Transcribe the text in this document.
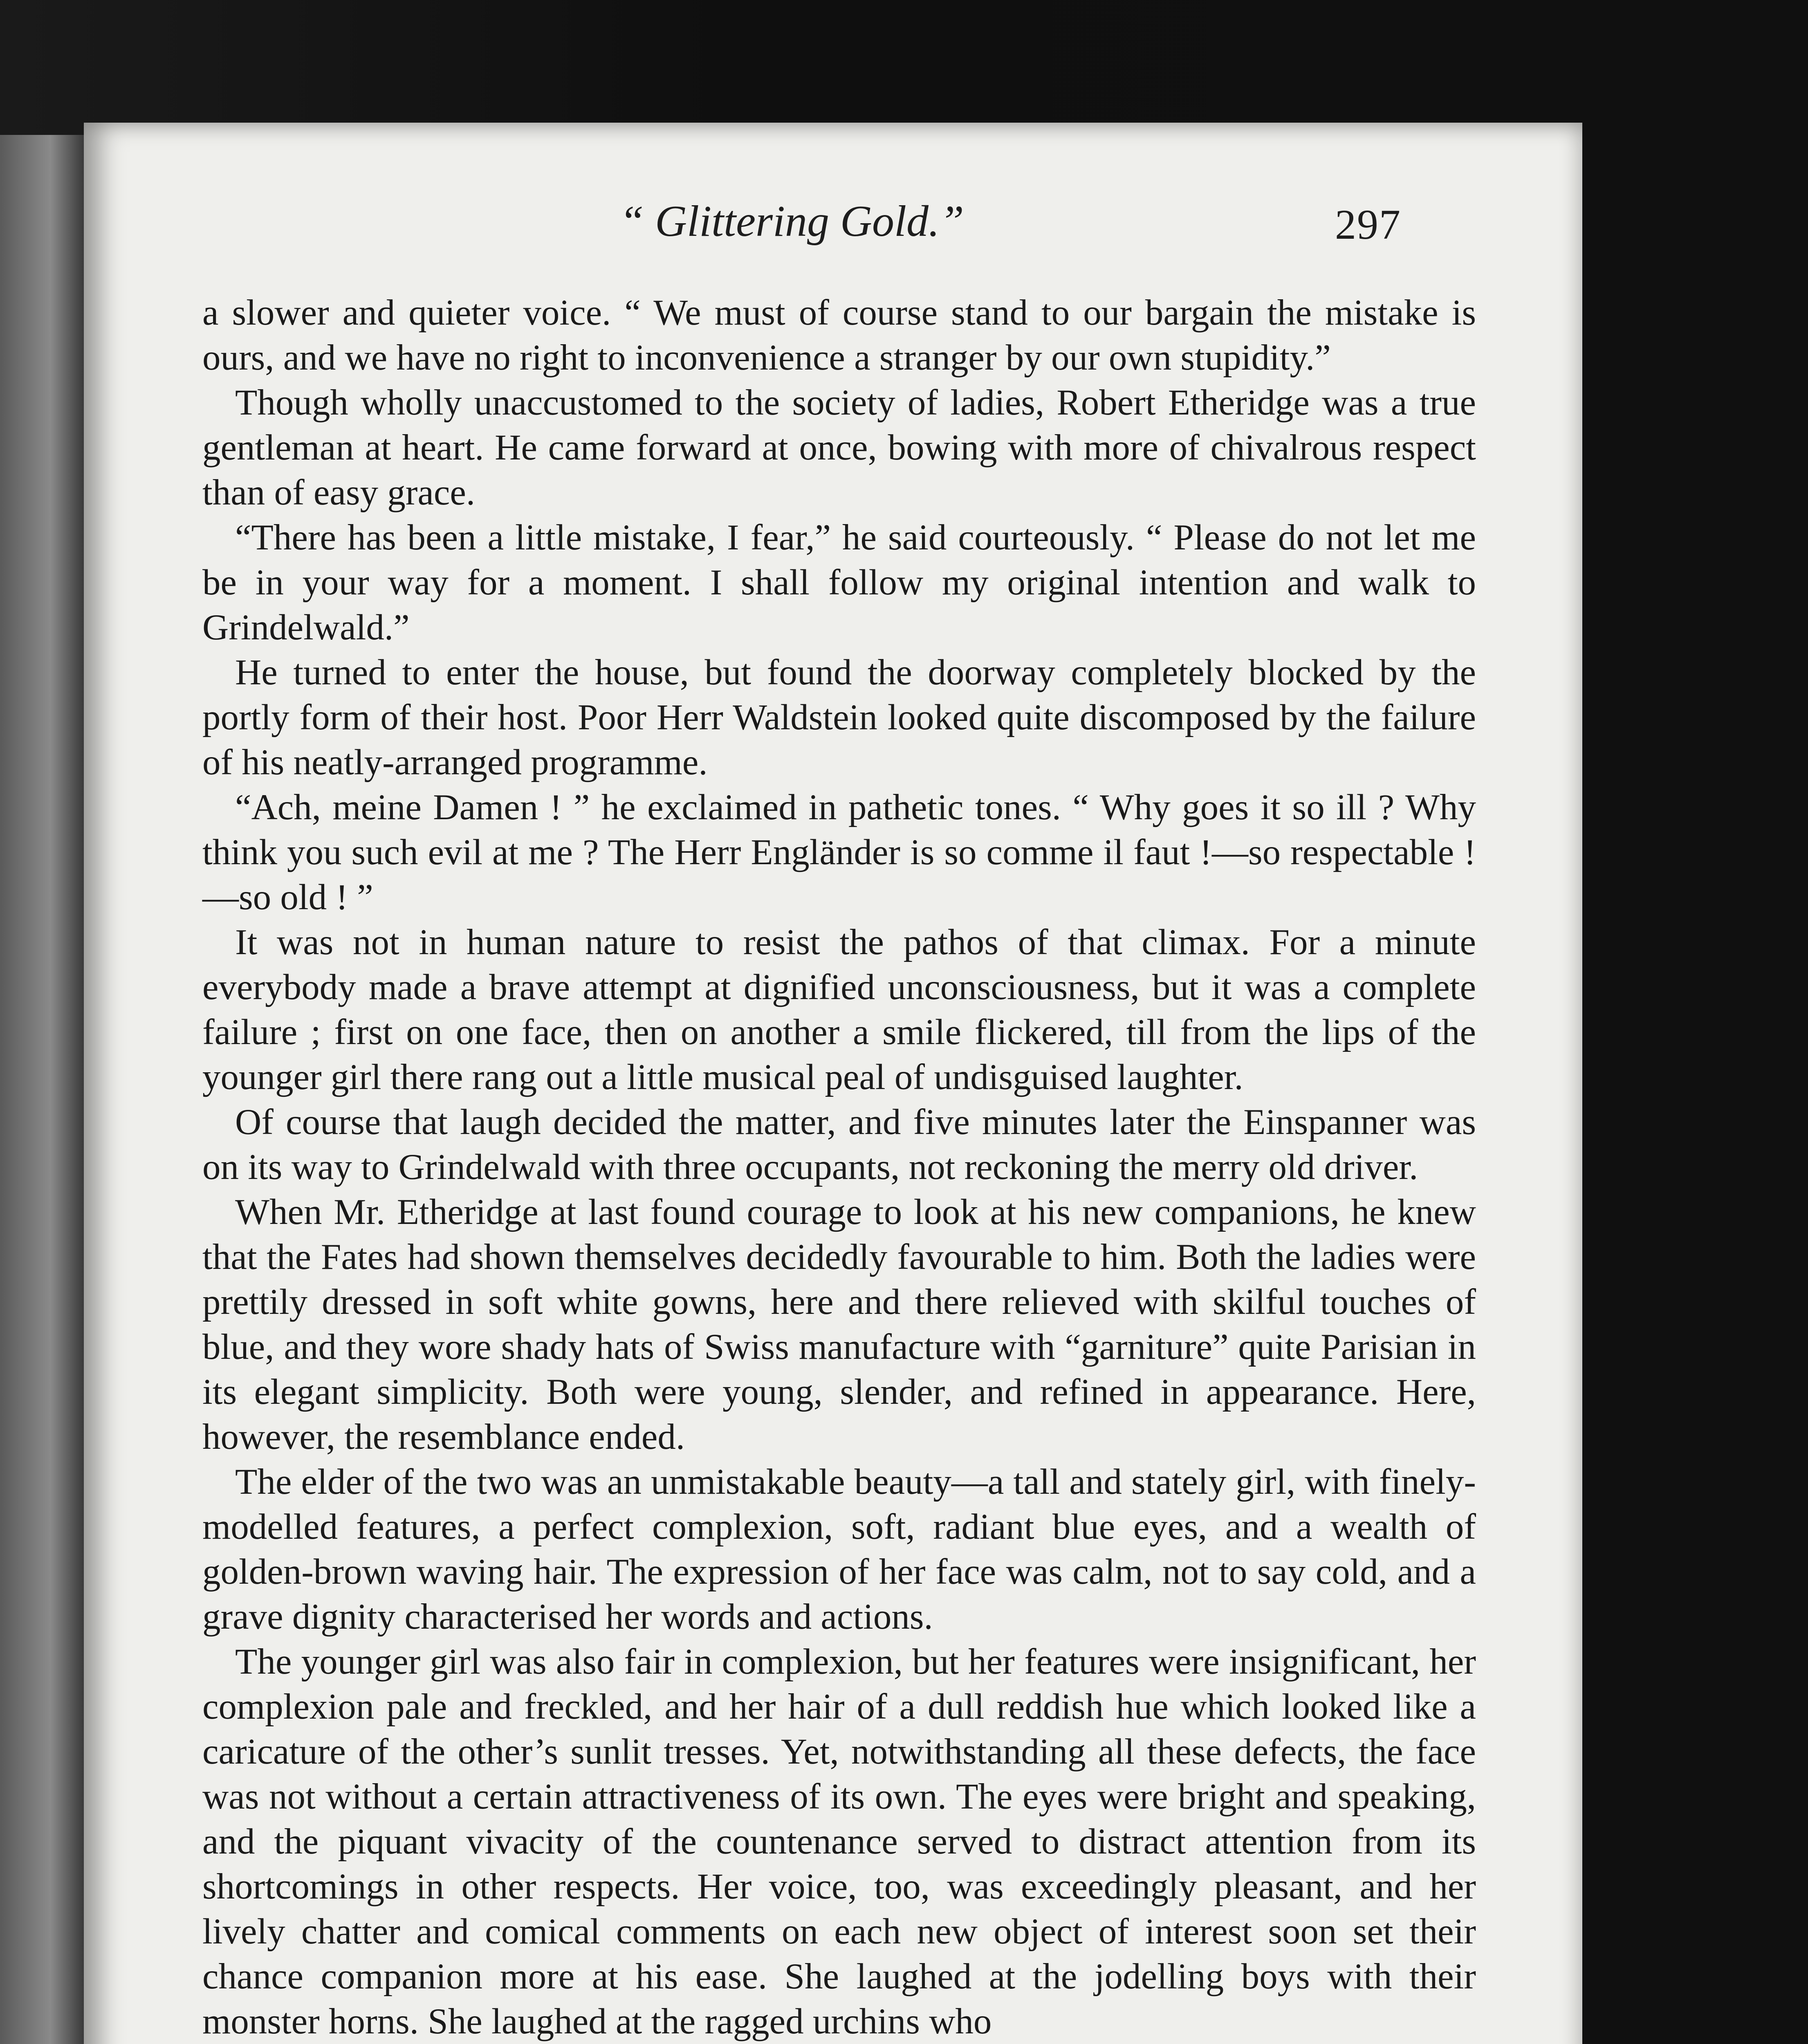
“ Glittering Gold.”	297

a slower and quieter voice. “ We must of course stand to our bargain the mistake is ours, and we have no right to inconvenience a stranger by our own stupidity.”

Though wholly unaccustomed to the society of ladies, Robert Etheridge was a true gentleman at heart. He came forward at once, bowing with more of chivalrous respect than of easy grace.

“There has been a little mistake, I fear,” he said courteously. “ Please do not let me be in your way for a moment. I shall follow my original intention and walk to Grindelwald.”

He turned to enter the house, but found the doorway completely blocked by the portly form of their host. Poor Herr Waldstein looked quite discomposed by the failure of his neatly-arranged programme.

“Ach, meine Damen ! ” he exclaimed in pathetic tones. “ Why goes it so ill ? Why think you such evil at me ? The Herr Engländer is so comme il faut !—so respectable !—so old ! ”

It was not in human nature to resist the pathos of that climax. For a minute everybody made a brave attempt at dignified unconsciousness, but it was a complete failure ; first on one face, then on another a smile flickered, till from the lips of the younger girl there rang out a little musical peal of undisguised laughter.

Of course that laugh decided the matter, and five minutes later the Einspanner was on its way to Grindelwald with three occupants, not reckoning the merry old driver.

When Mr. Etheridge at last found courage to look at his new companions, he knew that the Fates had shown themselves decidedly favourable to him. Both the ladies were prettily dressed in soft white gowns, here and there relieved with skilful touches of blue, and they wore shady hats of Swiss manufacture with “garniture” quite Parisian in its elegant simplicity. Both were young, slender, and refined in appearance. Here, however, the resemblance ended.

The elder of the two was an unmistakable beauty—a tall and stately girl, with finely-modelled features, a perfect complexion, soft, radiant blue eyes, and a wealth of golden-brown waving hair. The expression of her face was calm, not to say cold, and a grave dignity characterised her words and actions.

The younger girl was also fair in complexion, but her features were insignificant, her complexion pale and freckled, and her hair of a dull reddish hue which looked like a caricature of the other’s sunlit tresses. Yet, notwithstanding all these defects, the face was not without a certain attractiveness of its own. The eyes were bright and speaking, and the piquant vivacity of the countenance served to distract attention from its shortcomings in other respects. Her voice, too, was exceedingly pleasant, and her lively chatter and comical comments on each new object of interest soon set their chance companion more at his ease. She laughed at the jodelling boys with their monster horns. She laughed at the ragged urchins who
